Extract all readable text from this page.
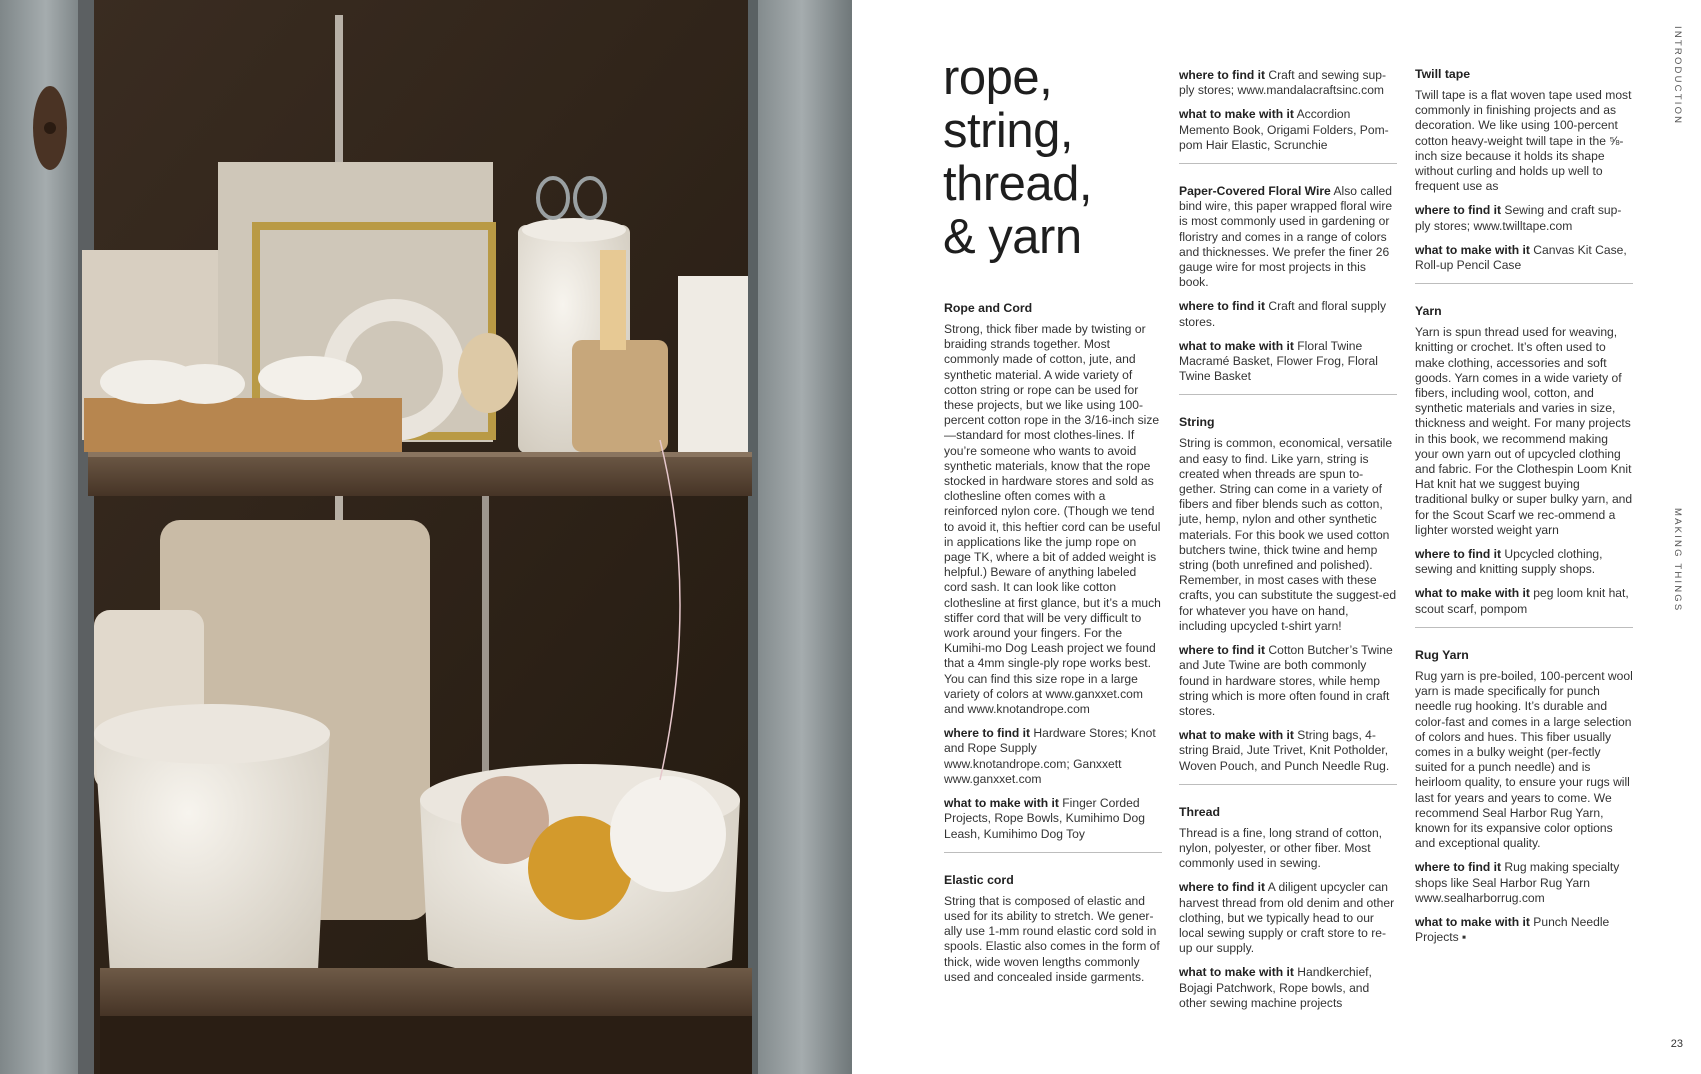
rope,
string,
thread,
& yarn
Rope and Cord

Strong, thick fiber made by twisting or braiding strands together. Most commonly made of cotton, jute, and synthetic material. A wide variety of cotton string or rope can be used for these projects, but we like using 100-percent cotton rope in the 3/16-inch size—standard for most clothes-lines. If you’re someone who wants to avoid synthetic materials, know that the rope stocked in hardware stores and sold as clothesline often comes with a reinforced nylon core. (Though we tend to avoid it, this heftier cord can be useful in applications like the jump rope on page TK, where a bit of added weight is helpful.) Beware of anything labeled cord sash. It can look like cotton clothesline at first glance, but it’s a much stiffer cord that will be very difficult to work around your fingers. For the Kumihi-mo Dog Leash project we found that a 4mm single-ply rope works best. You can find this size rope in a large variety of colors at www.ganxxet.com and www.knotandrope.com

where to find it Hardware Stores; Knot and Rope Supply www.knotandrope.com; Ganxxett www.ganxxet.com

what to make with it Finger Corded Projects, Rope Bowls, Kumihimo Dog Leash, Kumihimo Dog Toy

Elastic cord

String that is composed of elastic and used for its ability to stretch. We gener-ally use 1-mm round elastic cord sold in spools. Elastic also comes in the form of thick, wide woven lengths commonly used and concealed inside garments.

where to find it Craft and sewing sup-ply stores; www.mandalacraftsinc.com

what to make with it Accordion Memento Book, Origami Folders, Pom-pom Hair Elastic, Scrunchie

Paper-Covered Floral Wire Also called bind wire, this paper wrapped floral wire is most commonly used in gardening or floristry and comes in a range of colors and thicknesses. We prefer the finer 26 gauge wire for most projects in this book.

where to find it Craft and floral supply stores.

what to make with it Floral Twine Macramé Basket, Flower Frog, Floral Twine Basket

String

String is common, economical, versatile and easy to find. Like yarn, string is created when threads are spun to-gether. String can come in a variety of fibers and fiber blends such as cotton, jute, hemp, nylon and other synthetic materials. For this book we used cotton butchers twine, thick twine and hemp string (both unrefined and polished). Remember, in most cases with these crafts, you can substitute the suggest-ed for whatever you have on hand, including upcycled t-shirt yarn!

where to find it Cotton Butcher’s Twine and Jute Twine are both commonly found in hardware stores, while hemp string which is more often found in craft stores.

what to make with it String bags, 4-string Braid, Jute Trivet, Knit Potholder, Woven Pouch, and Punch Needle Rug.

Thread

Thread is a fine, long strand of cotton, nylon, polyester, or other fiber. Most commonly used in sewing.

where to find it A diligent upcycler can harvest thread from old denim and other clothing, but we typically head to our local sewing supply or craft store to re-up our supply.

what to make with it Handkerchief, Bojagi Patchwork, Rope bowls, and other sewing machine projects

Twill tape

Twill tape is a flat woven tape used most commonly in finishing projects and as decoration. We like using 100-percent cotton heavy-weight twill tape in the ⅝-inch size because it holds its shape without curling and holds up well to frequent use as

where to find it Sewing and craft sup-ply stores; www.twilltape.com

what to make with it Canvas Kit Case, Roll-up Pencil Case

Yarn

Yarn is spun thread used for weaving, knitting or crochet. It’s often used to make clothing, accessories and soft goods. Yarn comes in a wide variety of fibers, including wool, cotton, and synthetic materials and varies in size, thickness and weight. For many projects in this book, we recommend making your own yarn out of upcycled clothing and fabric. For the Clothespin Loom Knit Hat knit hat we suggest buying traditional bulky or super bulky yarn, and for the Scout Scarf we rec-ommend a lighter worsted weight yarn

where to find it Upcycled clothing, sewing and knitting supply shops.

what to make with it peg loom knit hat, scout scarf, pompom

Rug Yarn

Rug yarn is pre-boiled, 100-percent wool yarn is made specifically for punch needle rug hooking. It’s durable and color-fast and comes in a large selection of colors and hues. This fiber usually comes in a bulky weight (per-fectly suited for a punch needle) and is heirloom quality, to ensure your rugs will last for years and years to come. We recommend Seal Harbor Rug Yarn, known for its expansive color options and exceptional quality.

where to find it Rug making specialty shops like Seal Harbor Rug Yarn www.sealharborrug.com

what to make with it Punch Needle Projects ▪

INTRODUCTION
MAKING THINGS
23
